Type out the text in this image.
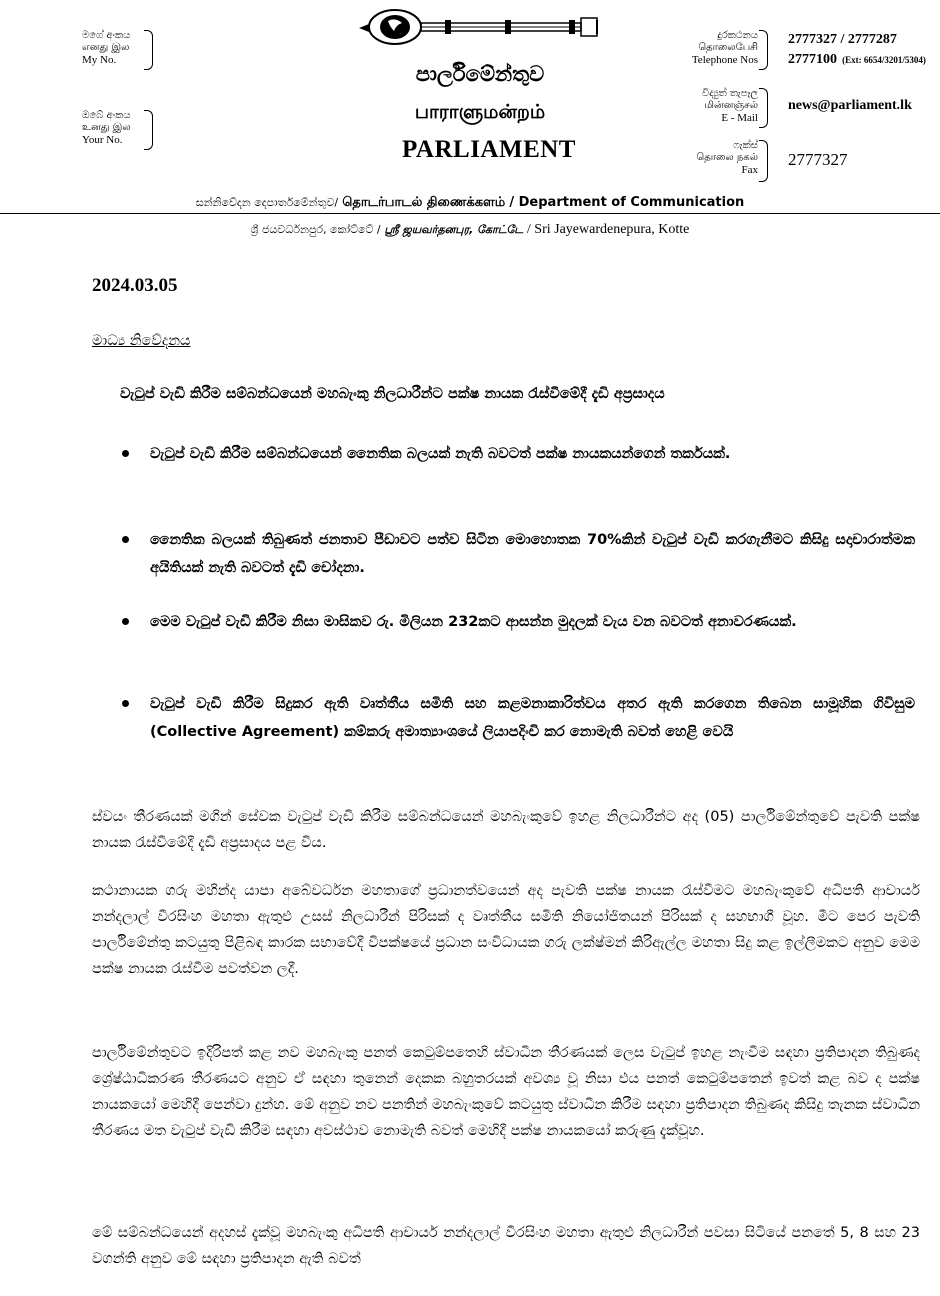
මගේ අංකය
எனது இல
My No.
ඔබේ අංකය
உனது இல
Your No.
පාර්ලිමේන්තුව
பாராளுமன்றம்
PARLIAMENT
දුරකථනය
தொலைபேசி
Telephone Nos
2777327 / 2777287
2777100 (Ext: 6654/3201/5304)
විද්‍යුත් තැපෑල
மின்னஞ்சல்
E - Mail
news@parliament.lk
ෆැක්ස්
தொலை நகல்
Fax
2777327
සන්නිවේදන දෙපාර්තමේන්තුව/ தொடர்பாடல் திணைக்களம் / Department of Communication
ශ්‍රී ජයවර්ධනපුර, කෝට්ටේ / ஸ்ரீ ஜயவர்தனபுர, கோட்டே / Sri Jayewardenepura, Kotte
2024.03.05
මාධ්‍ය නිවේදනය
වැටුප් වැඩි කිරීම සම්බන්ධයෙන් මහබැංකු නිලධාරීන්ට පක්ෂ නායක රැස්වීමේදී දැඩි අප්‍රසාදය
වැටුප් වැඩි කිරීම සම්බන්ධයෙන් නෛතික බලයක් නැති බවටත් පක්ෂ නායකයන්ගෙන් තර්කයක්.
නෛතික බලයක් තිබුණත් ජනතාව පීඩාවට පත්ව සිටින මොහොතක 70%කින් වැටුප් වැඩි කරගැනීමට කිසිදු සදාචාරාත්මක අයිතියක් නැති බවටත් දැඩි චෝදනා.
මෙම වැටුප් වැඩි කිරීම නිසා මාසිකව රු. මිලියන 232කට ආසන්න මුදලක් වැය වන බවටත් අනාවරණයක්.
වැටුප් වැඩි කිරීම සිදුකර ඇති වෘත්තීය සමිති සහ කළමනාකාරිත්වය අතර ඇති කරගෙන තිබෙන සාමූහික ගිවිසුම (Collective Agreement) කම්කරු අමාත්‍යාංශයේ ලියාපදිංචි කර නොමැති බවත් හෙළි වෙයි
ස්වයං තීරණයක් මගින් සේවක වැටුප් වැඩි කිරීම සම්බන්ධයෙන් මහබැංකුවේ ඉහළ නිලධාරීන්ට අද (05) පාර්ලිමේන්තුවේ පැවති පක්ෂ නායක රැස්වීමේදී දැඩි අප්‍රසාදය පළ විය.
කථානායක ගරු මහින්ද යාපා අබේවර්ධන මහතාගේ ප්‍රධානත්වයෙන් අද පැවති පක්ෂ නායක රැස්වීමට මහබැංකුවේ අධිපති ආචාර්ය නන්දලාල් වීරසිංහ මහතා ඇතුළු උසස් නිලධාරීන් පිරිසක් ද වෘත්තීය සමිති නියෝජිතයන් පිරිසක් ද සහභාගී වූහ. මීට පෙර පැවති පාර්ලිමේන්තු කටයුතු පිළිබඳ කාරක සභාවේදී විපක්ෂයේ ප්‍රධාන සංවිධායක ගරු ලක්ෂ්මන් කිරිඇල්ල මහතා සිදු කළ ඉල්ලීමකට අනුව මෙම පක්ෂ නායක රැස්වීම පවත්වන ලදී.
පාර්ලිමේන්තුවට ඉදිරිපත් කළ නව මහබැංකු පනත් කෙටුම්පතෙහි ස්වාධීන තීරණයක් ලෙස වැටුප් ඉහළ නැංවීම සඳහා ප්‍රතිපාදන තිබුණද ශ්‍රේෂ්ඨාධිකරණ තීරණයට අනුව ඒ සඳහා තුනෙන් දෙකක බහුතරයක් අවශ්‍ය වූ නිසා එය පනත් කෙටුම්පතෙන් ඉවත් කළ බව ද පක්ෂ නායකයෝ මෙහිදී පෙන්වා දුන්හ. මේ අනුව නව පනතින් මහබැංකුවේ කටයුතු ස්වාධීන කිරීම සඳහා ප්‍රතිපාදන තිබුණද කිසිදු තැනක ස්වාධීන තීරණය මත වැටුප් වැඩි කිරීම සඳහා අවස්ථාව නොමැති බවත් මෙහිදී පක්ෂ නායකයෝ කරුණු දැක්වූහ.
මේ සම්බන්ධයෙන් අදහස් දැක්වූ මහබැංකු අධිපති ආචාර්ය නන්දලාල් වීරසිංහ මහතා ඇතුළු නිලධාරීන් පවසා සිටියේ පනතේ 5, 8 සහ 23 වගන්ති අනුව මේ සඳහා ප්‍රතිපාදන ඇති බවත්
